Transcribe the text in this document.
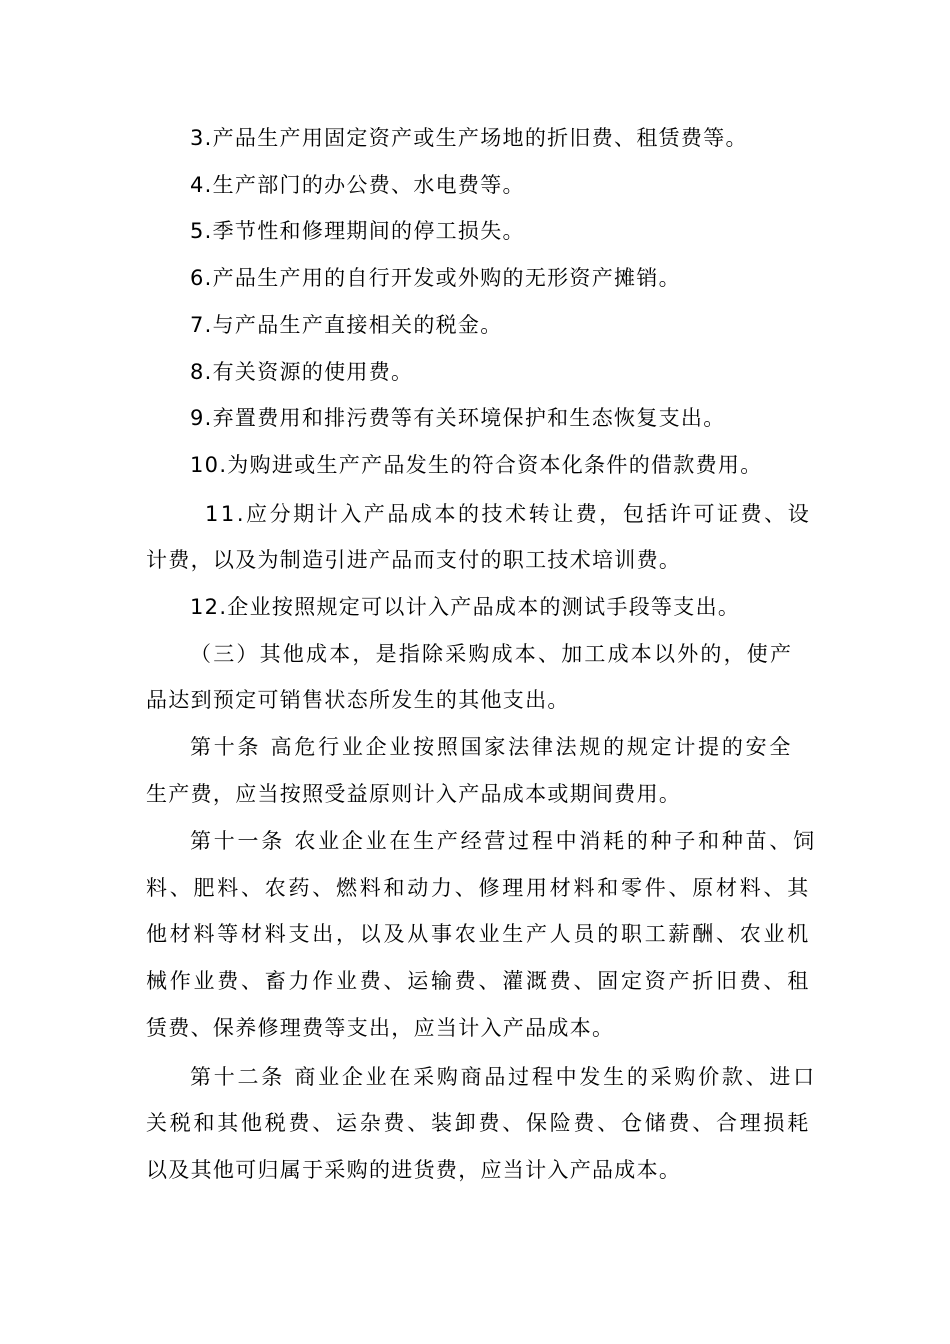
3.产品生产用固定资产或生产场地的折旧费、租赁费等。
4.生产部门的办公费、水电费等。
5.季节性和修理期间的停工损失。
6.产品生产用的自行开发或外购的无形资产摊销。
7.与产品生产直接相关的税金。
8.有关资源的使用费。
9.弃置费用和排污费等有关环境保护和生态恢复支出。
10.为购进或生产产品发生的符合资本化条件的借款费用。
11.应分期计入产品成本的技术转让费，包括许可证费、设
计费，以及为制造引进产品而支付的职工技术培训费。
12.企业按照规定可以计入产品成本的测试手段等支出。
（三）其他成本，是指除采购成本、加工成本以外的，使产
品达到预定可销售状态所发生的其他支出。
第十条 高危行业企业按照国家法律法规的规定计提的安全
生产费，应当按照受益原则计入产品成本或期间费用。
第十一条 农业企业在生产经营过程中消耗的种子和种苗、饲
料、肥料、农药、燃料和动力、修理用材料和零件、原材料、其
他材料等材料支出，以及从事农业生产人员的职工薪酬、农业机
械作业费、畜力作业费、运输费、灌溉费、固定资产折旧费、租
赁费、保养修理费等支出，应当计入产品成本。
第十二条 商业企业在采购商品过程中发生的采购价款、进口
关税和其他税费、运杂费、装卸费、保险费、仓储费、合理损耗
以及其他可归属于采购的进货费，应当计入产品成本。
